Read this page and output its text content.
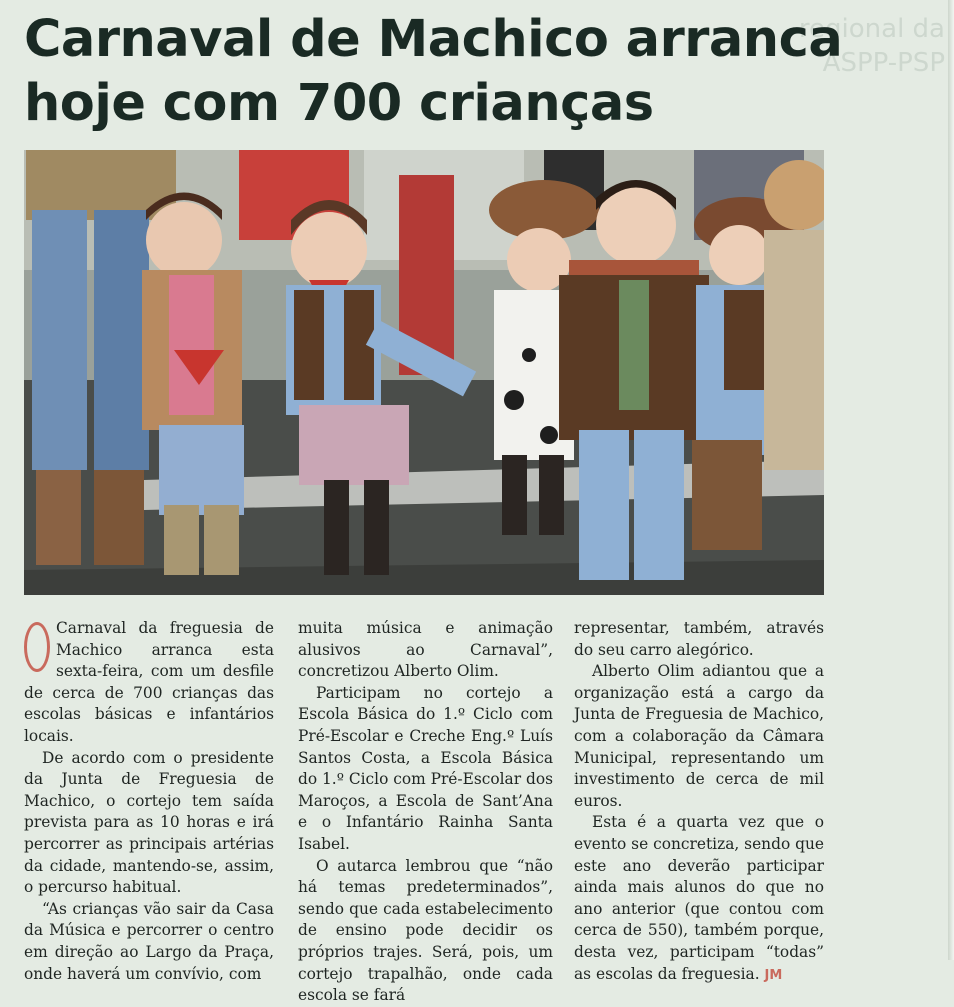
regional da
ASPP-PSP
Carnaval de Machico arranca hoje com 700 crianças

Carnaval da freguesia de Machico arranca esta sexta-feira, com um desfile de cerca de 700 crianças das escolas básicas e infantários locais.

De acordo com o presidente da Junta de Freguesia de Machico, o cortejo tem saída prevista para as 10 horas e irá percorrer as principais artérias da cidade, mantendo-se, assim, o percurso habitual.

“As crianças vão sair da Casa da Música e percorrer o centro em direção ao Largo da Praça, onde haverá um convívio, com

muita música e animação alusivos ao Carnaval”, concretizou Alberto Olim.

Participam no cortejo a Escola Básica do 1.º Ciclo com Pré-Escolar e Creche Eng.º Luís Santos Costa, a Escola Básica do 1.º Ciclo com Pré-Escolar dos Maroços, a Escola de Sant’Ana e o Infantário Rainha Santa Isabel.

O autarca lembrou que “não há temas predeterminados”, sendo que cada estabelecimento de ensino pode decidir os próprios trajes. Será, pois, um cortejo trapalhão, onde cada escola se fará

representar, também, através do seu carro alegórico.

Alberto Olim adiantou que a organização está a cargo da Junta de Freguesia de Machico, com a colaboração da Câmara Municipal, representando um investimento de cerca de mil euros.

Esta é a quarta vez que o evento se concretiza, sendo que este ano deverão participar ainda mais alunos do que no ano anterior (que contou com cerca de 550), também porque, desta vez, participam “todas” as escolas da freguesia. JM
